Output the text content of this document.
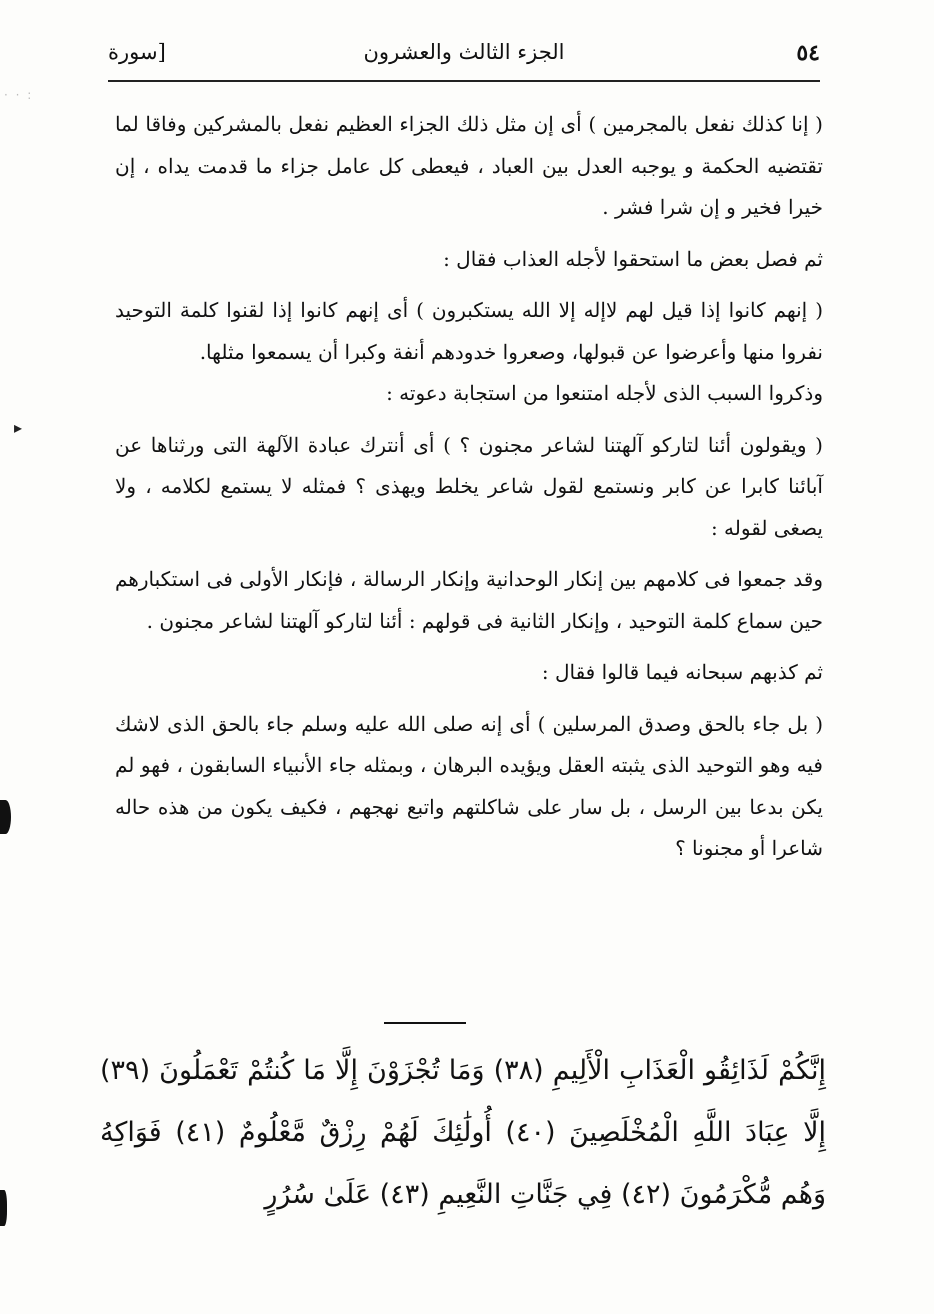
· · :
▸
٥٤
الجزء الثالث والعشرون
[سورة

( إنا كذلك نفعل بالمجرمين ) أى إن مثل ذلك الجزاء العظيم نفعل بالمشركين وفاقا لما تقتضيه الحكمة و يوجبه العدل بين العباد ، فيعطى كل عامل جزاء ما قدمت يداه ، إن خيرا فخير و إن شرا فشر .

ثم فصل بعض ما استحقوا لأجله العذاب فقال :

( إنهم كانوا إذا قيل لهم لاإله إلا الله يستكبرون ) أى إنهم كانوا إذا لقنوا كلمة التوحيد نفروا منها وأعرضوا عن قبولها، وصعروا خدودهم أنفة وكبرا أن يسمعوا مثلها.

وذكروا السبب الذى لأجله امتنعوا من استجابة دعوته :

( ويقولون أئنا لتاركو آلهتنا لشاعر مجنون ؟ ) أى أنترك عبادة الآلهة التى ورثناها عن آبائنا كابرا عن كابر ونستمع لقول شاعر يخلط ويهذى ؟ فمثله لا يستمع لكلامه ، ولا يصغى لقوله :

وقد جمعوا فى كلامهم بين إنكار الوحدانية وإنكار الرسالة ، فإنكار الأولى فى استكبارهم حين سماع كلمة التوحيد ، وإنكار الثانية فى قولهم : أئنا لتاركو آلهتنا لشاعر مجنون .

ثم كذبهم سبحانه فيما قالوا فقال :

( بل جاء بالحق وصدق المرسلين ) أى إنه صلى الله عليه وسلم جاء بالحق الذى لاشك فيه وهو التوحيد الذى يثبته العقل ويؤيده البرهان ، وبمثله جاء الأنبياء السابقون ، فهو لم يكن بدعا بين الرسل ، بل سار على شاكلتهم واتبع نهجهم ، فكيف يكون من هذه حاله شاعرا أو مجنونا ؟

إِنَّكُمْ لَذَائِقُو الْعَذَابِ الْأَلِيمِ (٣٨) وَمَا تُجْزَوْنَ إِلَّا مَا كُنتُمْ تَعْمَلُونَ (٣٩) إِلَّا عِبَادَ اللَّهِ الْمُخْلَصِينَ (٤٠) أُولَٰئِكَ لَهُمْ رِزْقٌ مَّعْلُومٌ (٤١) فَوَاكِهُ وَهُم مُّكْرَمُونَ (٤٢) فِي جَنَّاتِ النَّعِيمِ (٤٣) عَلَىٰ سُرُرٍ
